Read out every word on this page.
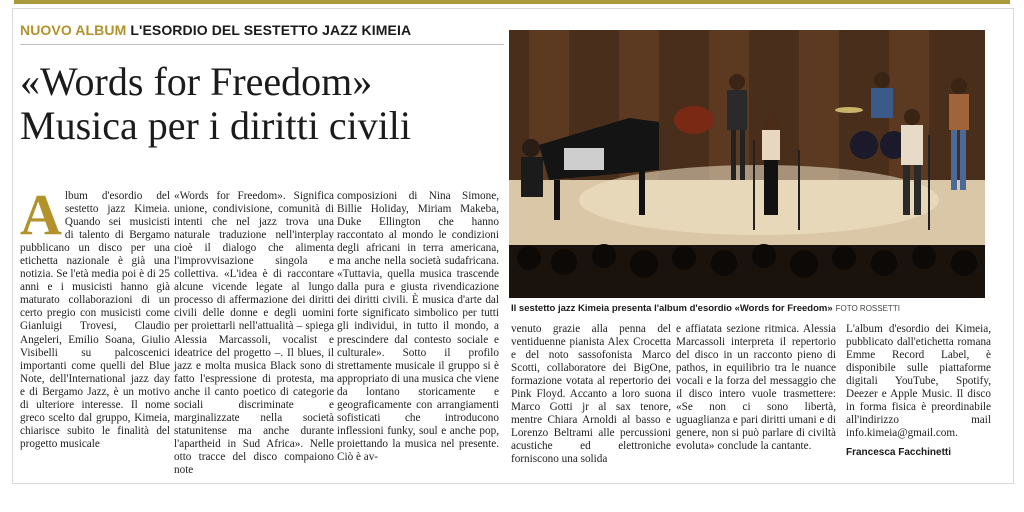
NUOVO ALBUM L'ESORDIO DEL SESTETTO JAZZ KIMEIA
«Words for Freedom»
Musica per i diritti civili
Il sestetto jazz Kimeia presenta l'album d'esordio «Words for Freedom» FOTO ROSSETTI
Album d'esordio del sestetto jazz Kimeia. Quando sei musicisti di talento di Bergamo pubblicano un disco per una etichetta nazionale è già una notizia. Se l'età media poi è di 25 anni e i musicisti hanno già maturato collaborazioni di un certo pregio con musicisti come Gianluigi Trovesi, Claudio Angeleri, Emilio Soana, Giulio Visibelli su palcoscenici importanti come quelli del Blue Note, dell'International jazz day e di Bergamo Jazz, è un motivo di ulteriore interesse. Il nome greco scelto dal gruppo, Kimeia, chiarisce subito le finalità del progetto musicale
«Words for Freedom». Significa unione, condivisione, comunità di intenti che nel jazz trova una naturale traduzione nell'interplay cioè il dialogo che alimenta l'improvvisazione singola e collettiva. «L'idea è di raccontare alcune vicende legate al lungo processo di affermazione dei diritti civili delle donne e degli uomini per proiettarli nell'attualità – spiega Alessia Marcassoli, vocalist e ideatrice del progetto –. Il blues, il jazz e molta musica Black sono di fatto l'espressione di protesta, ma anche il canto poetico di categorie sociali discriminate e marginalizzate nella società statunitense ma anche durante l'apartheid in Sud Africa». Nelle otto tracce del disco compaiono note
composizioni di Nina Simone, Billie Holiday, Miriam Makeba, Duke Ellington che hanno raccontato al mondo le condizioni degli africani in terra americana, ma anche nella società sudafricana. «Tuttavia, quella musica trascende dalla pura e giusta rivendicazione dei diritti civili. È musica d'arte dal forte significato simbolico per tutti gli individui, in tutto il mondo, a prescindere dal contesto sociale e culturale». Sotto il profilo strettamente musicale il gruppo si è appropriato di una musica che viene da lontano storicamente e geograficamente con arrangiamenti sofisticati che introducono inflessioni funky, soul e anche pop, proiettando la musica nel presente. Ciò è av-
venuto grazie alla penna del ventiduenne pianista Alex Crocetta e del noto sassofonista Marco Scotti, collaboratore dei BigOne, formazione votata al repertorio dei Pink Floyd. Accanto a loro suona Marco Gotti jr al sax tenore, mentre Chiara Arnoldi al basso e Lorenzo Beltrami alle percussioni acustiche ed elettroniche forniscono una solida
e affiatata sezione ritmica. Alessia Marcassoli interpreta il repertorio del disco in un racconto pieno di pathos, in equilibrio tra le nuance vocali e la forza del messaggio che il disco intero vuole trasmettere: «Se non ci sono libertà, uguaglianza e pari diritti umani e di genere, non si può parlare di civiltà evoluta» conclude la cantante.
L'album d'esordio dei Kimeia, pubblicato dall'etichetta romana Emme Record Label, è disponibile sulle piattaforme digitali YouTube, Spotify, Deezer e Apple Music. Il disco in forma fisica è preordinabile all'indirizzo mail info.kimeia@gmail.com.
Francesca Facchinetti
